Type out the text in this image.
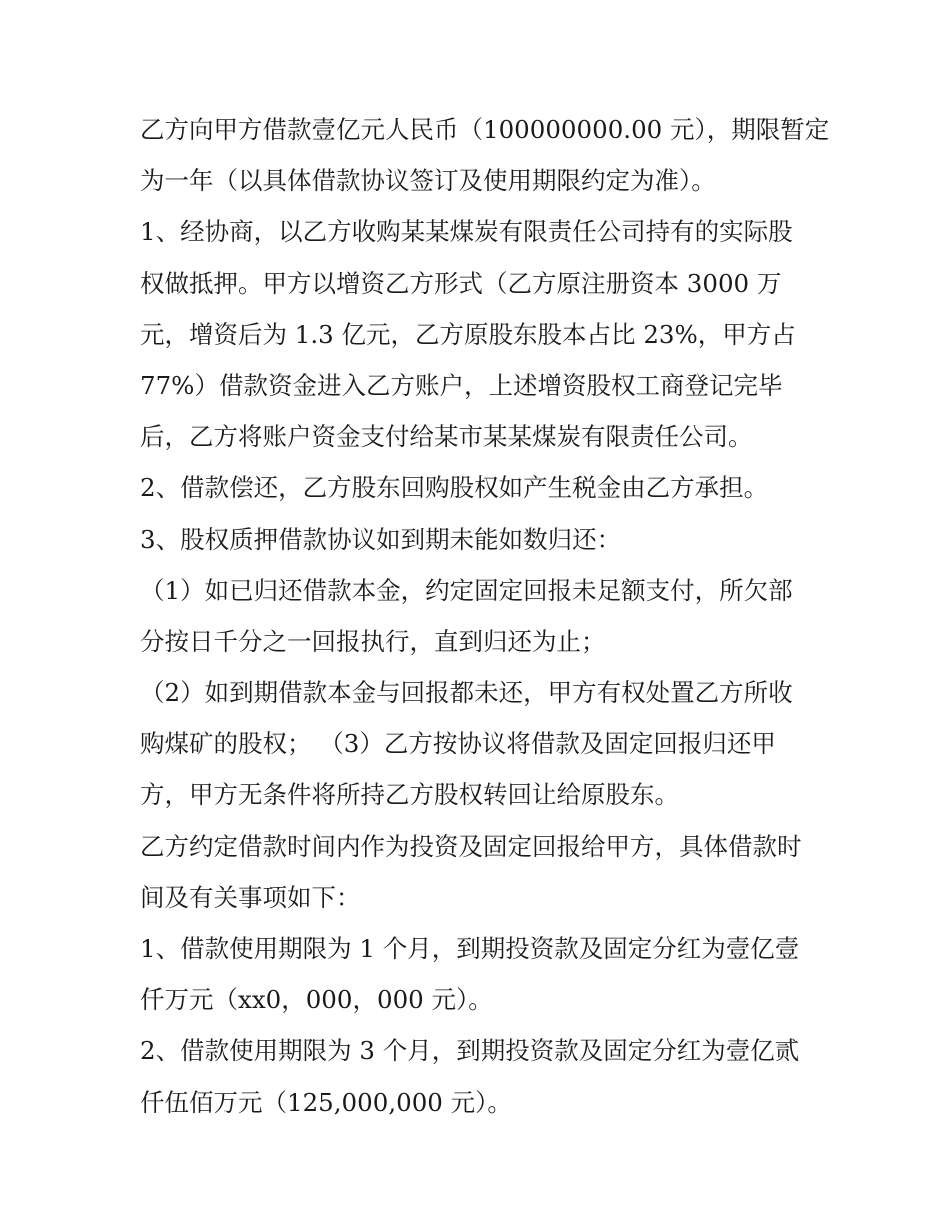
乙方向甲方借款壹亿元人民币（100000000.00 元），期限暂定
为一年（以具体借款协议签订及使用期限约定为准）。
1、经协商，以乙方收购某某煤炭有限责任公司持有的实际股
权做抵押。甲方以增资乙方形式（乙方原注册资本 3000 万
元，增资后为 1.3 亿元，乙方原股东股本占比 23%，甲方占
77%）借款资金进入乙方账户，上述增资股权工商登记完毕
后，乙方将账户资金支付给某市某某煤炭有限责任公司。
2、借款偿还，乙方股东回购股权如产生税金由乙方承担。
3、股权质押借款协议如到期未能如数归还：
（1）如已归还借款本金，约定固定回报未足额支付，所欠部
分按日千分之一回报执行，直到归还为止；
（2）如到期借款本金与回报都未还，甲方有权处置乙方所收
购煤矿的股权； （3）乙方按协议将借款及固定回报归还甲
方，甲方无条件将所持乙方股权转回让给原股东。
乙方约定借款时间内作为投资及固定回报给甲方，具体借款时
间及有关事项如下：
1、借款使用期限为 1 个月，到期投资款及固定分红为壹亿壹
仟万元（xx0，000，000 元）。
2、借款使用期限为 3 个月，到期投资款及固定分红为壹亿贰
仟伍佰万元（125,000,000 元）。
